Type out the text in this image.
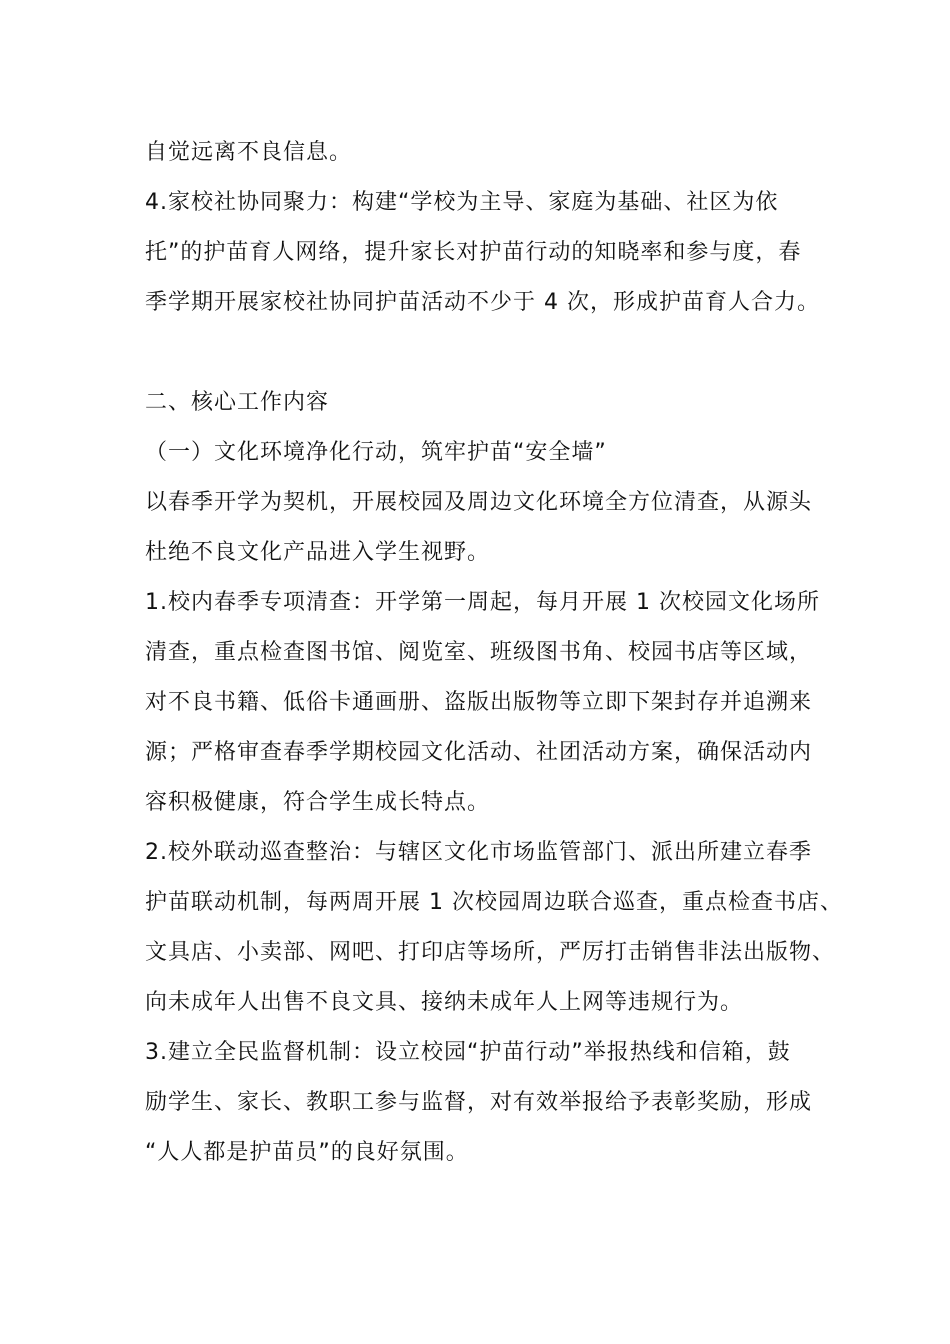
自觉远离不良信息。
4.家校社协同聚力：构建“学校为主导、家庭为基础、社区为依
托”的护苗育人网络，提升家长对护苗行动的知晓率和参与度，春
季学期开展家校社协同护苗活动不少于 4 次，形成护苗育人合力。
二、核心工作内容
（一）文化环境净化行动，筑牢护苗“安全墙”
以春季开学为契机，开展校园及周边文化环境全方位清查，从源头
杜绝不良文化产品进入学生视野。
1.校内春季专项清查：开学第一周起，每月开展 1 次校园文化场所
清查，重点检查图书馆、阅览室、班级图书角、校园书店等区域，
对不良书籍、低俗卡通画册、盗版出版物等立即下架封存并追溯来
源；严格审查春季学期校园文化活动、社团活动方案，确保活动内
容积极健康，符合学生成长特点。
2.校外联动巡查整治：与辖区文化市场监管部门、派出所建立春季
护苗联动机制，每两周开展 1 次校园周边联合巡查，重点检查书店、
文具店、小卖部、网吧、打印店等场所，严厉打击销售非法出版物、
向未成年人出售不良文具、接纳未成年人上网等违规行为。
3.建立全民监督机制：设立校园“护苗行动”举报热线和信箱，鼓
励学生、家长、教职工参与监督，对有效举报给予表彰奖励，形成
“人人都是护苗员”的良好氛围。
